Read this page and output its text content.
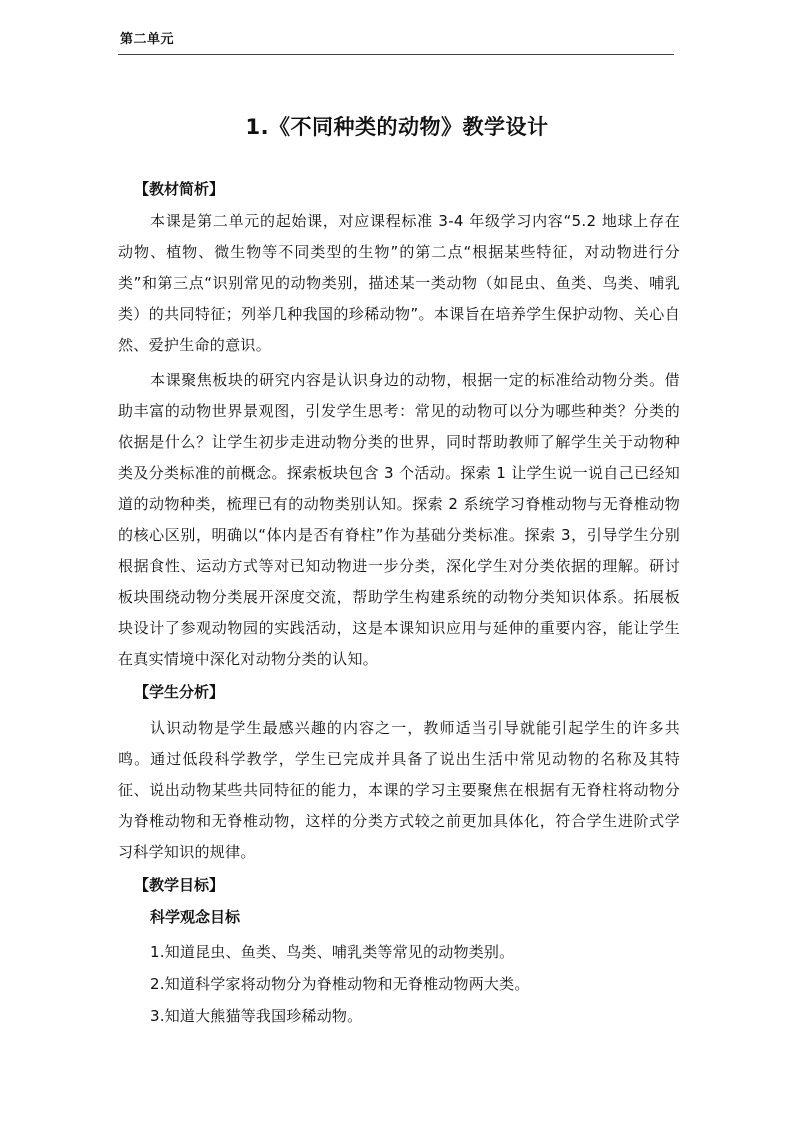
第二单元
1.《不同种类的动物》教学设计
【教材简析】

本课是第二单元的起始课，对应课程标准 3-4 年级学习内容“5.2 地球上存在动物、植物、微生物等不同类型的生物”的第二点“根据某些特征，对动物进行分类”和第三点“识别常见的动物类别，描述某一类动物（如昆虫、鱼类、鸟类、哺乳类）的共同特征；列举几种我国的珍稀动物”。本课旨在培养学生保护动物、关心自然、爱护生命的意识。

本课聚焦板块的研究内容是认识身边的动物，根据一定的标准给动物分类。借助丰富的动物世界景观图，引发学生思考：常见的动物可以分为哪些种类？分类的依据是什么？让学生初步走进动物分类的世界，同时帮助教师了解学生关于动物种类及分类标准的前概念。探索板块包含 3 个活动。探索 1 让学生说一说自己已经知道的动物种类，梳理已有的动物类别认知。探索 2 系统学习脊椎动物与无脊椎动物的核心区别，明确以“体内是否有脊柱”作为基础分类标准。探索 3，引导学生分别根据食性、运动方式等对已知动物进一步分类，深化学生对分类依据的理解。研讨板块围绕动物分类展开深度交流，帮助学生构建系统的动物分类知识体系。拓展板块设计了参观动物园的实践活动，这是本课知识应用与延伸的重要内容，能让学生在真实情境中深化对动物分类的认知。

【学生分析】

认识动物是学生最感兴趣的内容之一，教师适当引导就能引起学生的许多共鸣。通过低段科学教学，学生已完成并具备了说出生活中常见动物的名称及其特征、说出动物某些共同特征的能力，本课的学习主要聚焦在根据有无脊柱将动物分为脊椎动物和无脊椎动物，这样的分类方式较之前更加具体化，符合学生进阶式学习科学知识的规律。

【教学目标】
科学观念目标

1.知道昆虫、鱼类、鸟类、哺乳类等常见的动物类别。

2.知道科学家将动物分为脊椎动物和无脊椎动物两大类。

3.知道大熊猫等我国珍稀动物。
